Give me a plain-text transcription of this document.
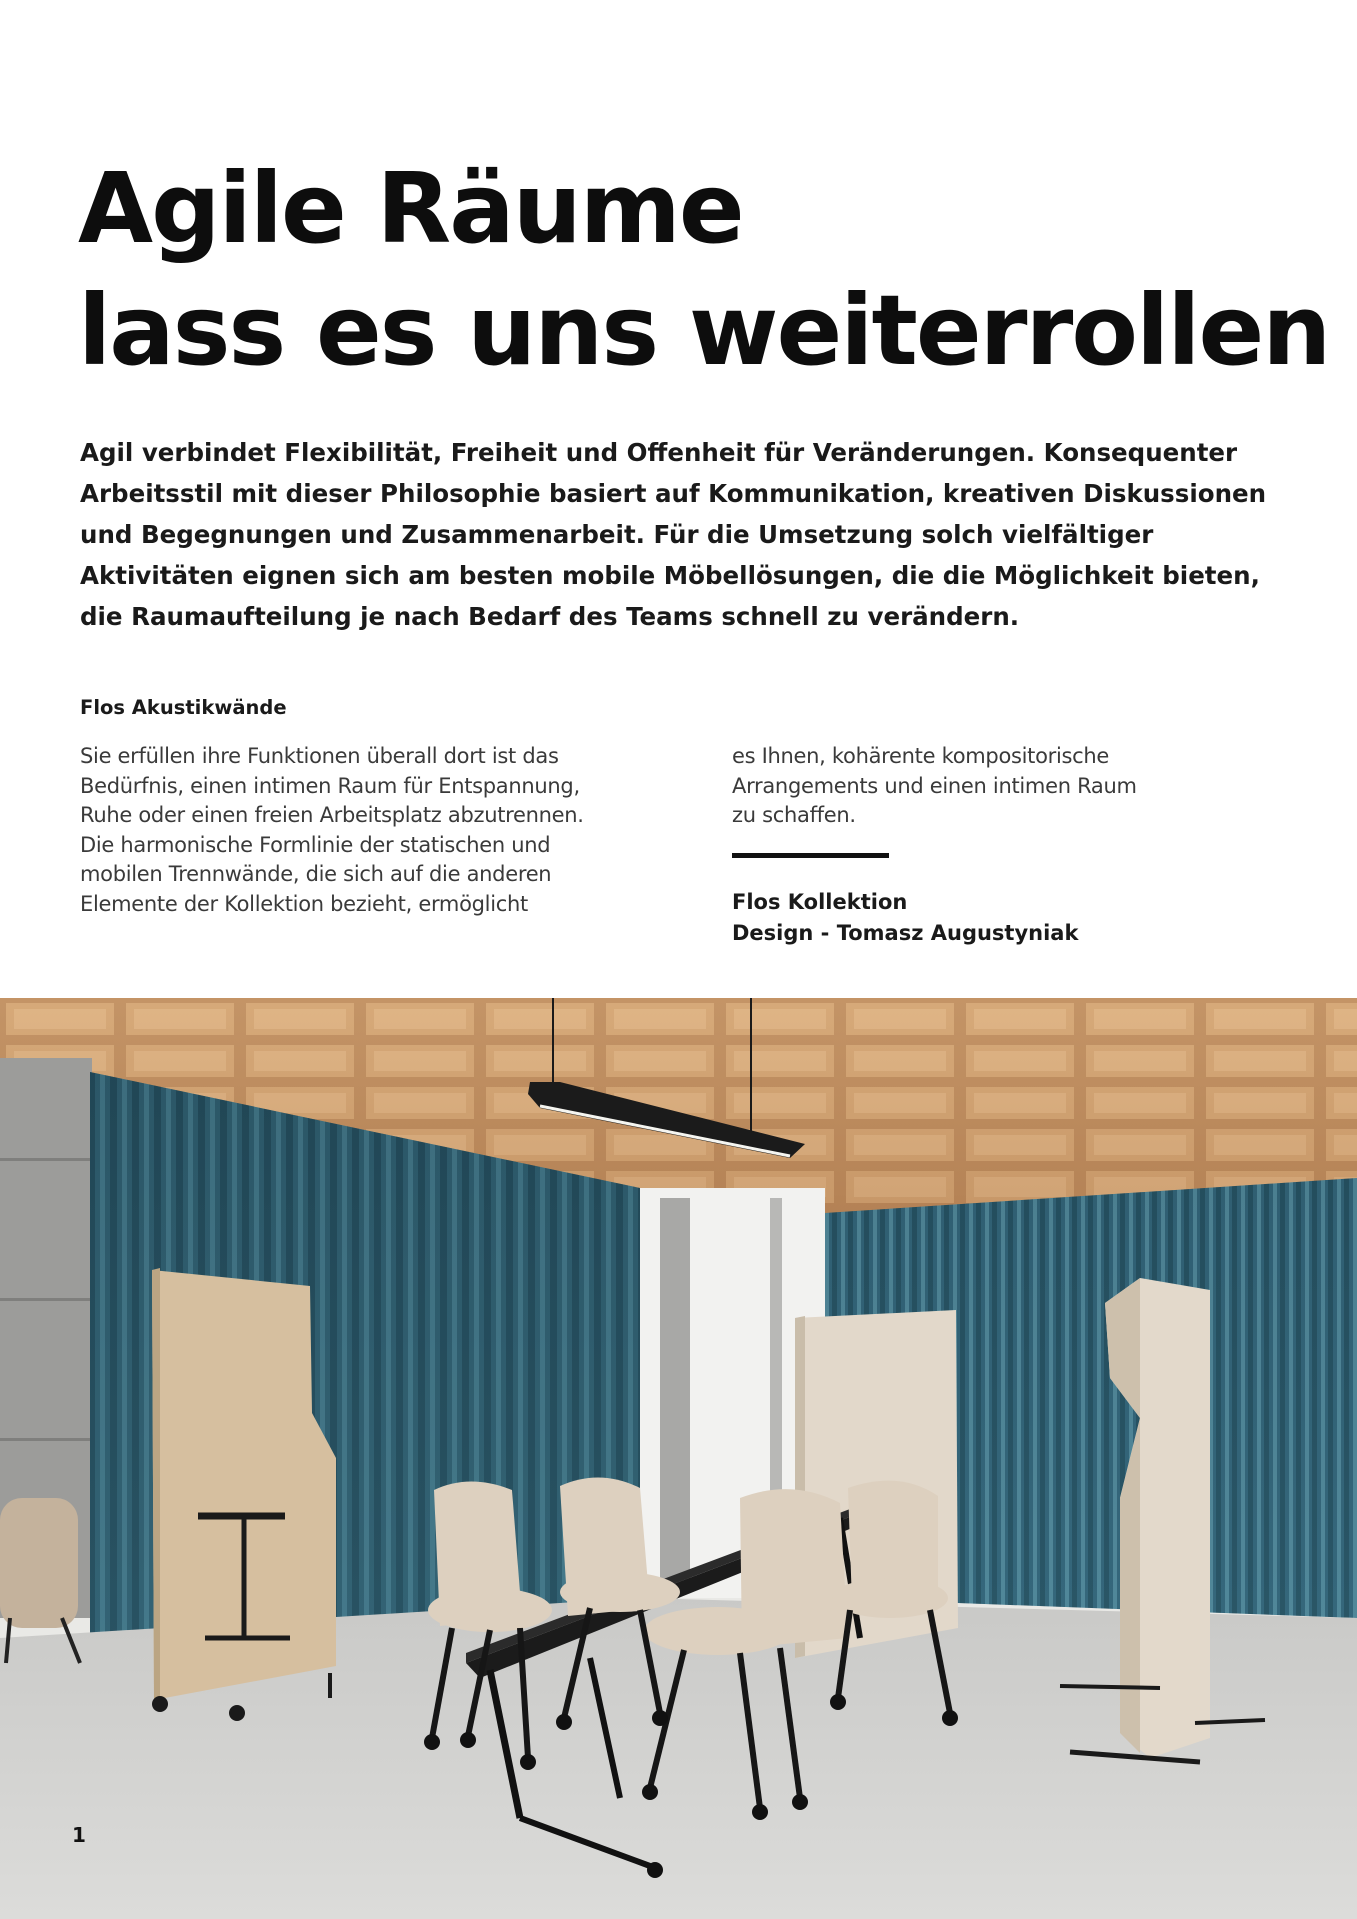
Agile Räume
lass es uns weiterrollen
Agil verbindet Flexibilität, Freiheit und Offenheit für Veränderungen. Konsequenter
Arbeitsstil mit dieser Philosophie basiert auf Kommunikation, kreativen Diskussionen
und Begegnungen und Zusammenarbeit. Für die Umsetzung solch vielfältiger
Aktivitäten eignen sich am besten mobile Möbellösungen, die die Möglichkeit bieten,
die Raumaufteilung je nach Bedarf des Teams schnell zu verändern.
Flos Akustikwände
Sie erfüllen ihre Funktionen überall dort ist das
Bedürfnis, einen intimen Raum für Entspannung,
Ruhe oder einen freien Arbeitsplatz abzutrennen.
Die harmonische Formlinie der statischen und
mobilen Trennwände, die sich auf die anderen
Elemente der Kollektion bezieht, ermöglicht
es Ihnen, kohärente kompositorische
Arrangements und einen intimen Raum
zu schaffen.
Flos Kollektion
Design - Tomasz Augustyniak

1
